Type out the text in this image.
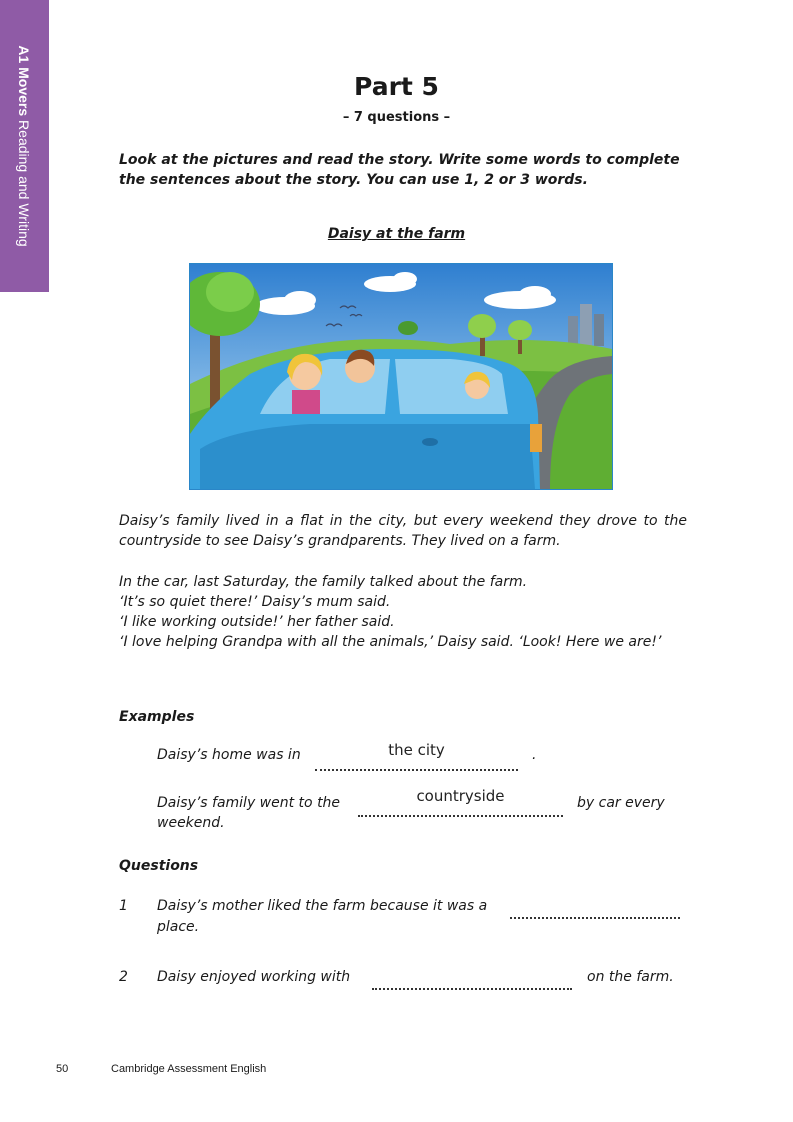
A1 Movers Reading and Writing
Part 5
– 7 questions –
Look at the pictures and read the story. Write some words to complete the sentences about the story. You can use 1, 2 or 3 words.
Daisy at the farm

Daisy’s family lived in a flat in the city, but every weekend they drove to the countryside to see Daisy’s grandparents. They lived on a farm.

In the car, last Saturday, the family talked about the farm.

‘It’s so quiet there!’ Daisy’s mum said.

‘I like working outside!’ her father said.

‘I love helping Grandpa with all the animals,’ Daisy said. ‘Look! Here we are!’

Examples
Daisy’s home was in	the city	.
Daisy’s family went to the	countryside	by car every
weekend.
Questions
1 Daisy’s mother liked the farm because it was a
place.
2 Daisy enjoyed working with	on the farm.
50	Cambridge Assessment English
